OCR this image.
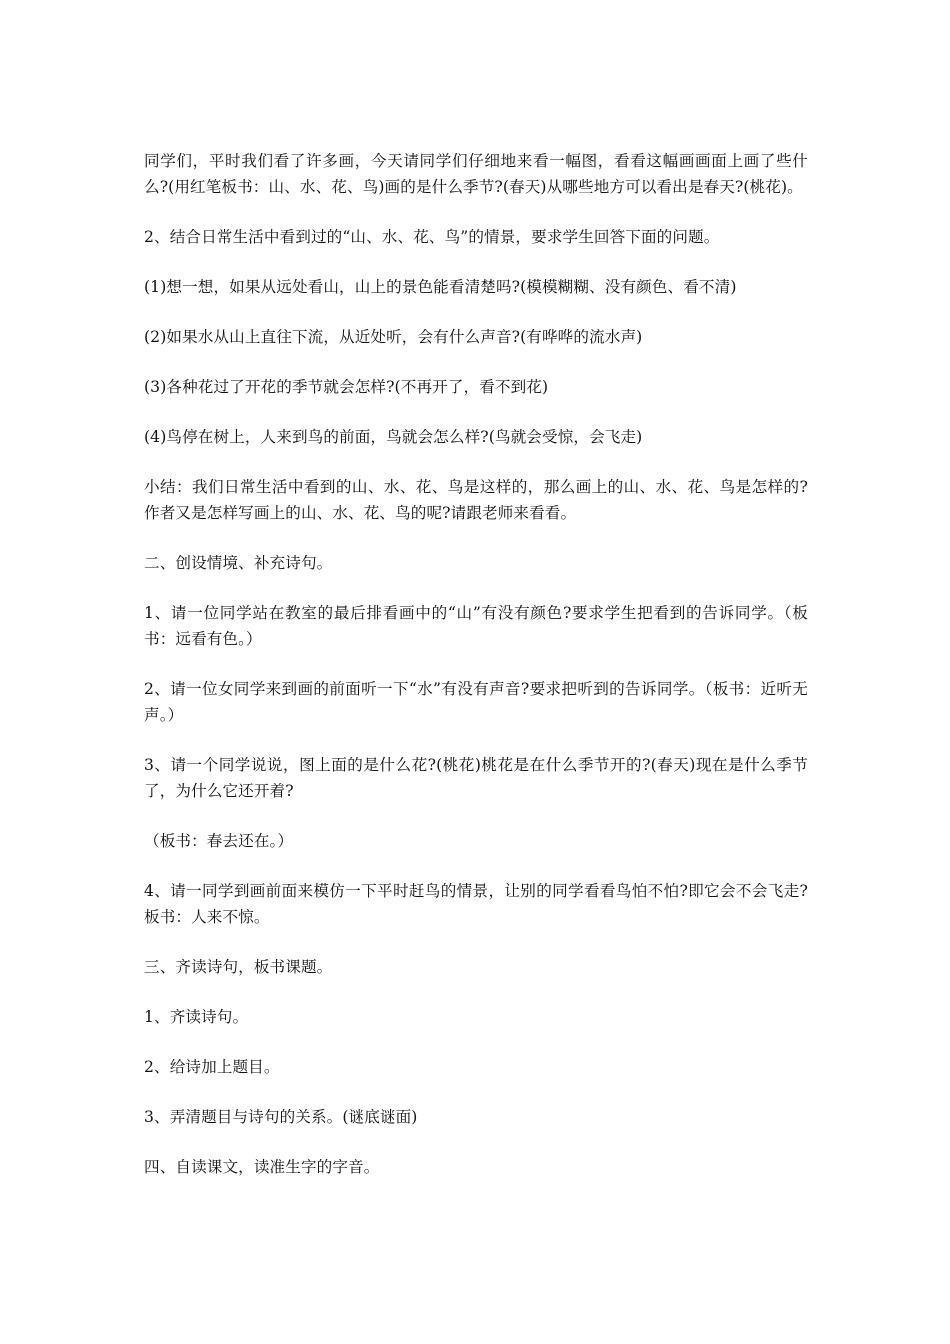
同学们，平时我们看了许多画，今天请同学们仔细地来看一幅图，看看这幅画画面上画了些什么?(用红笔板书：山、水、花、鸟)画的是什么季节?(春天)从哪些地方可以看出是春天?(桃花)。

2、结合日常生活中看到过的“山、水、花、鸟”的情景，要求学生回答下面的问题。

(1)想一想，如果从远处看山，山上的景色能看清楚吗?(模模糊糊、没有颜色、看不清)

(2)如果水从山上直往下流，从近处听，会有什么声音?(有哗哗的流水声)

(3)各种花过了开花的季节就会怎样?(不再开了，看不到花)

(4)鸟停在树上，人来到鸟的前面，鸟就会怎么样?(鸟就会受惊，会飞走)

小结：我们日常生活中看到的山、水、花、鸟是这样的，那么画上的山、水、花、鸟是怎样的?作者又是怎样写画上的山、水、花、鸟的呢?请跟老师来看看。

二、创设情境、补充诗句。

1、请一位同学站在教室的最后排看画中的“山”有没有颜色?要求学生把看到的告诉同学。（板书：远看有色。）

2、请一位女同学来到画的前面听一下“水”有没有声音?要求把听到的告诉同学。（板书：近听无声。）

3、请一个同学说说，图上面的是什么花?(桃花)桃花是在什么季节开的?(春天)现在是什么季节了，为什么它还开着?

（板书：春去还在。）

4、请一同学到画前面来模仿一下平时赶鸟的情景，让别的同学看看鸟怕不怕?即它会不会飞走?板书：人来不惊。

三、齐读诗句，板书课题。

1、齐读诗句。

2、给诗加上题目。

3、弄清题目与诗句的关系。(谜底谜面)

四、自读课文，读准生字的字音。
